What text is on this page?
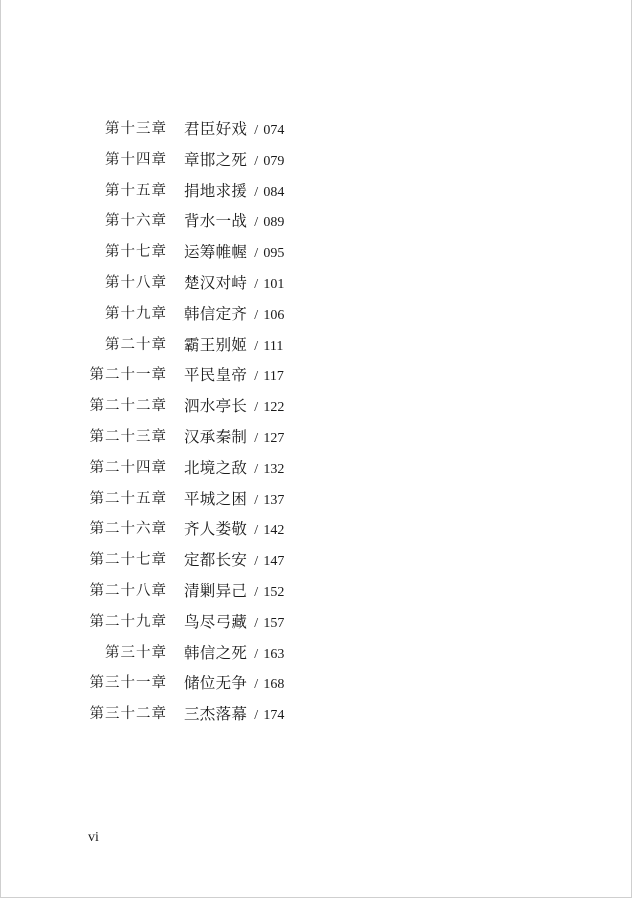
第十三章 君臣好戏 / 074
第十四章 章邯之死 / 079
第十五章 捐地求援 / 084
第十六章 背水一战 / 089
第十七章 运筹帷幄 / 095
第十八章 楚汉对峙 / 101
第十九章 韩信定齐 / 106
第二十章 霸王别姬 / 111
第二十一章 平民皇帝 / 117
第二十二章 泗水亭长 / 122
第二十三章 汉承秦制 / 127
第二十四章 北境之敌 / 132
第二十五章 平城之困 / 137
第二十六章 齐人娄敬 / 142
第二十七章 定都长安 / 147
第二十八章 清剿异己 / 152
第二十九章 鸟尽弓藏 / 157
第三十章 韩信之死 / 163
第三十一章 储位无争 / 168
第三十二章 三杰落幕 / 174
vi
